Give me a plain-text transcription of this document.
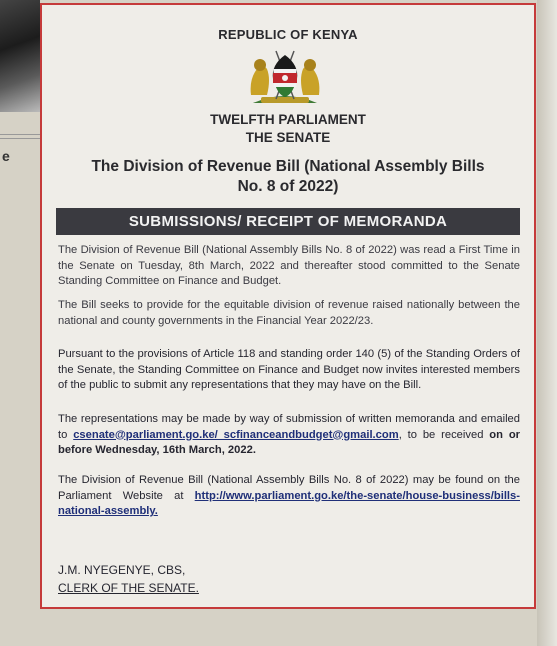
e
REPUBLIC OF KENYA
TWELFTH PARLIAMENT
THE SENATE
The Division of Revenue Bill (National Assembly Bills
No. 8 of 2022)
SUBMISSIONS/ RECEIPT OF MEMORANDA
The Division of Revenue Bill (National Assembly Bills No. 8 of 2022) was read a First Time in the Senate on Tuesday, 8th March, 2022 and thereafter stood committed to the Senate Standing Committee on Finance and Budget.
The Bill seeks to provide for the equitable division of revenue raised nationally between the national and county governments in the Financial Year 2022/23.
Pursuant to the provisions of Article 118 and standing order 140 (5) of the Standing Orders of the Senate, the Standing Committee on Finance and Budget now invites interested members of the public to submit any representations that they may have on the Bill.
The representations may be made by way of submission of written memoranda and emailed to csenate@parliament.go.ke/ scfinanceandbudget@gmail.com, to be received on or before Wednesday, 16th March, 2022.
The Division of Revenue Bill (National Assembly Bills No. 8 of 2022) may be found on the Parliament Website at http://www.parliament.go.ke/the-senate/house-business/bills-national-assembly.
J.M. NYEGENYE, CBS,
CLERK OF THE SENATE.
